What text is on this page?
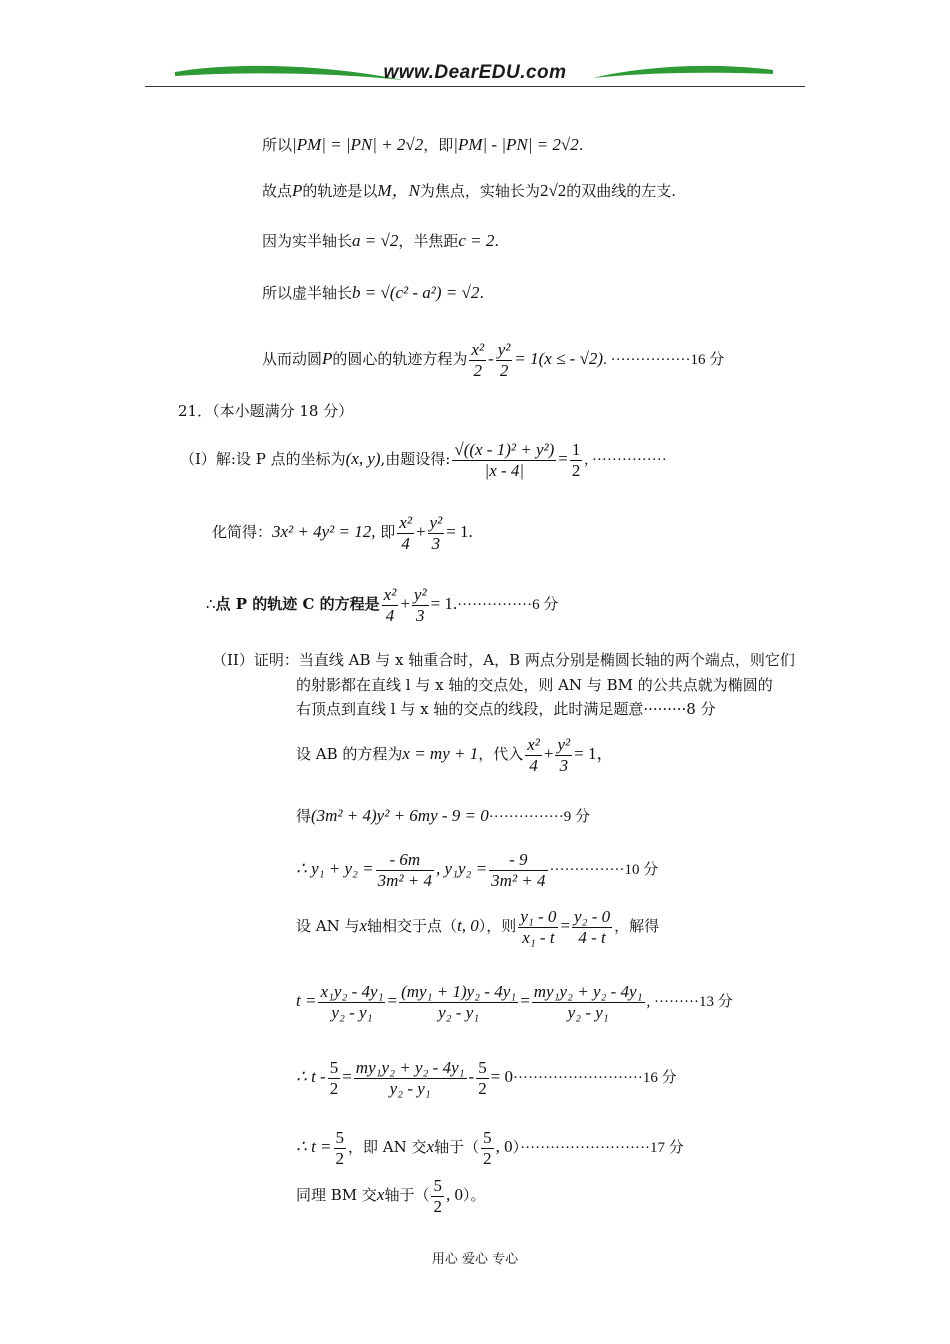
www.DearEDU.com
所以|PM| = |PN| + 2√2，即|PM| - |PN| = 2√2.
故点P的轨迹是以M，N为焦点，实轴长为2√2的双曲线的左支.
因为实半轴长a = √2，半焦距c = 2.
所以虚半轴长b = √(c² - a²) = √2.
从而动圆P的圆心的轨迹方程为 $\frac{\text{x²}}{2} - \frac{\text{y²}}{2} = 1(x$ ≤ - √2). ················16 分
21．（本小题满分 18 分）
（I）解:设 P 点的坐标为(x, y),由题设得: $\frac{\text{√((x - 1)² + y²)}}{|x - 4|} = \frac{1}{2}$ , ···············
化简得：3x² + 4y² = 12, 即 $\frac{\text{x²}}{4} + \frac{\text{y²}}{3} = 1$.
∴点 P 的轨迹 C 的方程是 $\frac{\text{x²}}{4} + \frac{\text{y²}}{3} = 1.\cdot\cdot\cdot\cdot\cdot\cdot\cdot\cdot\cdot\cdot\cdot\cdot\cdot\cdot\cdot 6$ 分
（II）证明：当直线 AB 与 x 轴重合时，A，B 两点分别是椭圆长轴的两个端点，则它们
的射影都在直线 l 与 x 轴的交点处，则 AN 与 BM 的公共点就为椭圆的
右顶点到直线 l 与 x 轴的交点的线段，此时满足题意·········8 分
设 AB 的方程为x = my + 1，代入 $\frac{\text{x²}}{4} + \frac{\text{y²}}{3} = 1$，
得(3m² + 4)y² + 6my - 9 = 0···············9 分
∴ $y_1 + y_2 = \frac{- 6m}{\text{3m² + 4}}$ , $y_1y_2 = \frac{- 9}{\text{3m² + 4}} \cdot\cdot\cdot\cdot\cdot\cdot\cdot\cdot\cdot\cdot\cdot\cdot\cdot\cdot\cdot 10$ 分
设 AN 与x轴相交于点（t, 0），则 $\frac{\text{y₁ - 0}}{\text{x₁ - t}} = \frac{\text{y₂ - 0}}{4 - t}$ ，解得
$t = \frac{\text{x₁y₂ - 4y₁}}{\text{y₂ - y₁}} = \frac{\text{(my₁ + 1)y₂ - 4y₁}}{\text{y₂ - y₁}} = \frac{\text{my₁y₂ + y₂ - 4y₁}}{\text{y₂ - y₁}}$ , ·········13 分
∴ $t - \frac{5}{2} = \frac{\text{my₁y₂ + y₂ - 4y₁}}{\text{y₂ - y₁}} - \frac{5}{2} = 0\cdot\cdot\cdot\cdot\cdot\cdot\cdot\cdot\cdot\cdot\cdot\cdot\cdot\cdot\cdot\cdot\cdot\cdot\cdot\cdot\cdot\cdot\cdot\cdot\cdot\cdot 16$ 分
∴ $t = \frac{5}{2}$ ，即 AN 交x轴于（ $\frac{5}{2}$ , 0）··························17 分
同理 BM 交x轴于（ $\frac{5}{2}$ , 0）。
用心 爱心 专心
